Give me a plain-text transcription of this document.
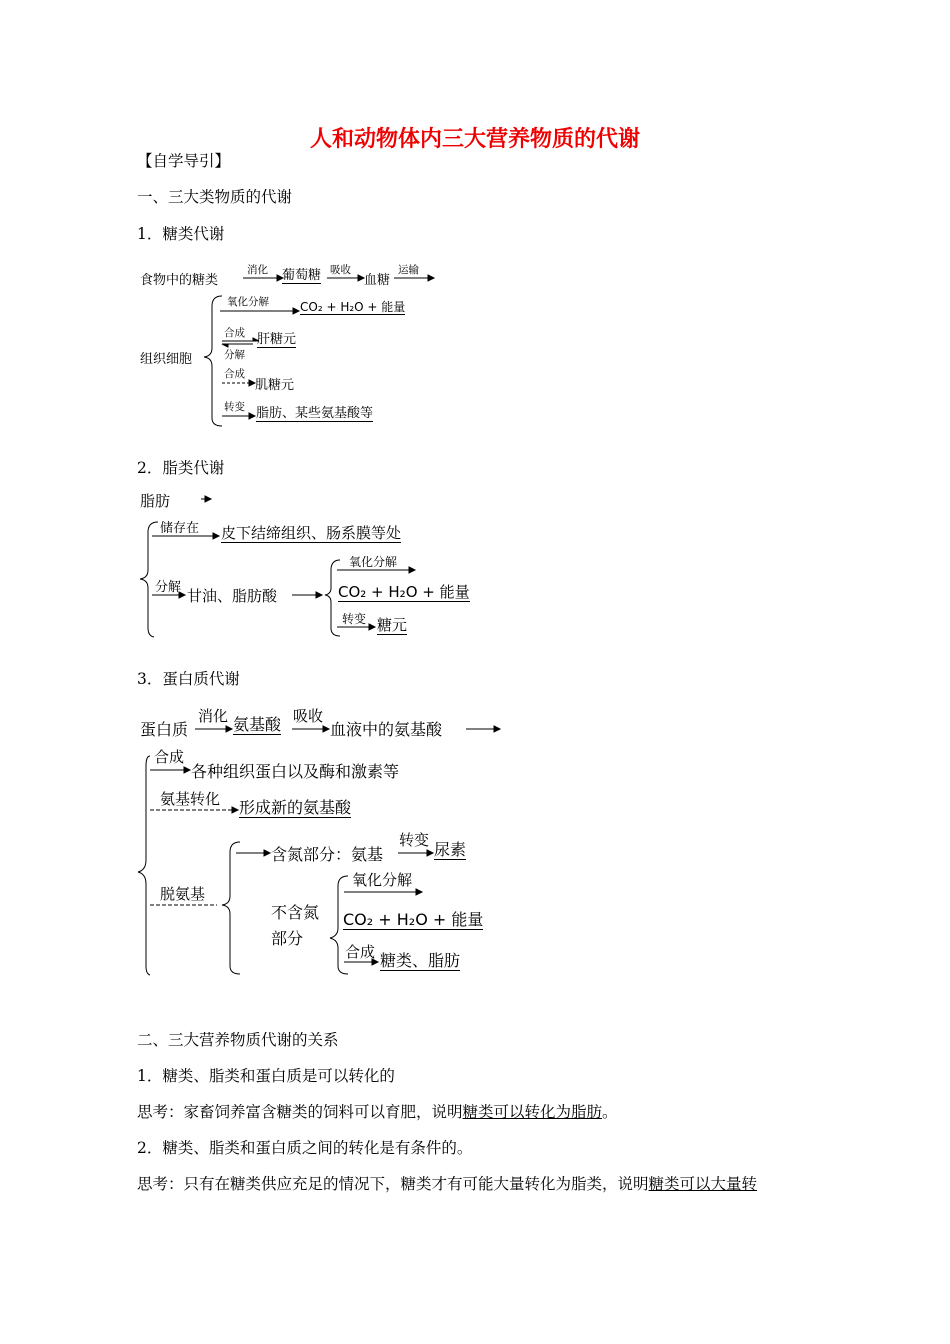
人和动物体内三大营养物质的代谢
【自学导引】
一、三大类物质的代谢
1．糖类代谢
食物中的糖类
消化 葡萄糖 吸收
血糖
运输
组织细胞
氧化分解	CO₂ + H₂O + 能量
合成
分解
肝糖元
合成
肌糖元
转变 脂肪、某些氨基酸等
2．脂类代谢
脂肪
储存在 皮下结缔组织、肠系膜等处
分解 甘油、脂肪酸
氧化分解
CO₂ + H₂O + 能量
转变 糖元
3．蛋白质代谢
蛋白质
消化 氨基酸 吸收
血液中的氨基酸
合成
各种组织蛋白以及酶和激素等
氨基转化 形成新的氨基酸
脱氨基
含氮部分：氨基
转变 尿素
不含氮部分
氧化分解
CO₂ + H₂O + 能量
合成 糖类、脂肪
二、三大营养物质代谢的关系
1．糖类、脂类和蛋白质是可以转化的
思考：家畜饲养富含糖类的饲料可以育肥，说明糖类可以转化为脂肪。
2．糖类、脂类和蛋白质之间的转化是有条件的。
思考：只有在糖类供应充足的情况下，糖类才有可能大量转化为脂类，说明糖类可以大量转
